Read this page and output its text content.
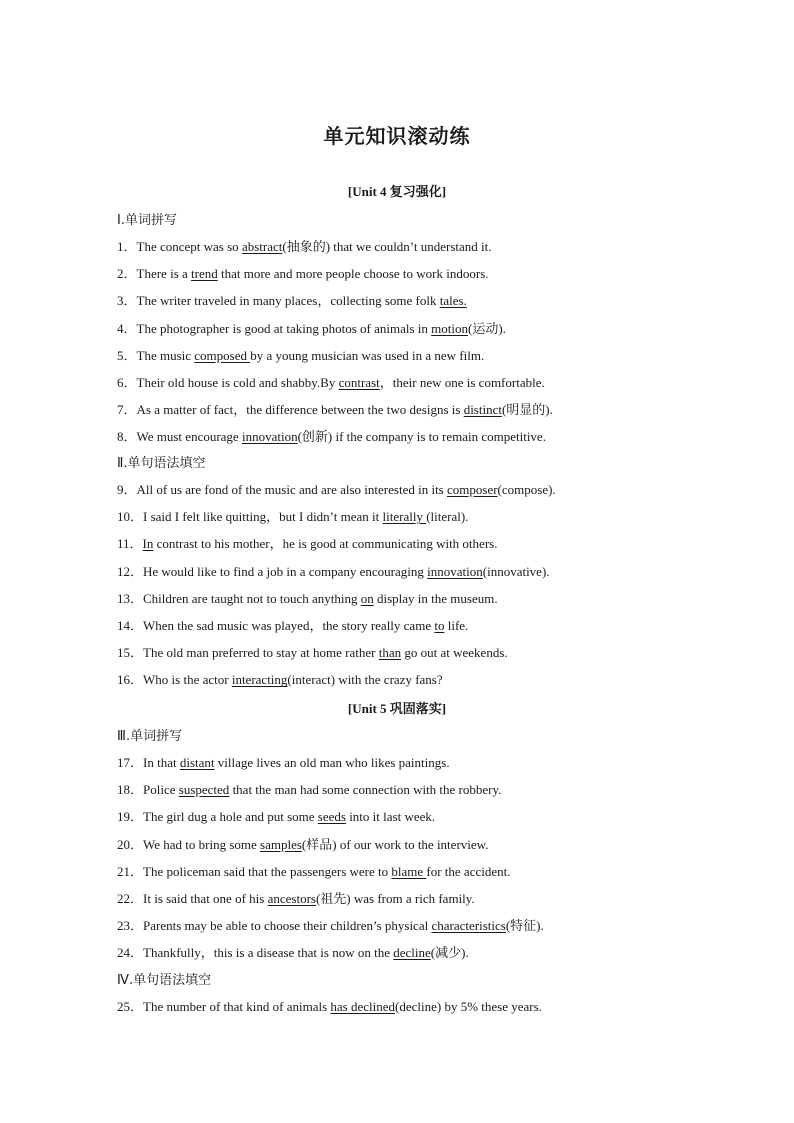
单元知识滚动练
[Unit 4 复习强化]
Ⅰ.单词拼写
1．The concept was so abstract(抽象的) that we couldn’t understand it.
2．There is a trend that more and more people choose to work indoors.
3．The writer traveled in many places，collecting some folk tales.
4．The photographer is good at taking photos of animals in motion(运动).
5．The music composed by a young musician was used in a new film.
6．Their old house is cold and shabby.By contrast，their new one is comfortable.
7．As a matter of fact，the difference between the two designs is distinct(明显的).
8．We must encourage innovation(创新) if the company is to remain competitive.
Ⅱ.单句语法填空
9．All of us are fond of the music and are also interested in its composer(compose).
10．I said I felt like quitting，but I didn’t mean it literally (literal).
11．In contrast to his mother，he is good at communicating with others.
12．He would like to find a job in a company encouraging innovation(innovative).
13．Children are taught not to touch anything on display in the museum.
14．When the sad music was played，the story really came to life.
15．The old man preferred to stay at home rather than go out at weekends.
16．Who is the actor interacting(interact) with the crazy fans?
[Unit 5 巩固落实]
Ⅲ.单词拼写
17．In that distant village lives an old man who likes paintings.
18．Police suspected that the man had some connection with the robbery.
19．The girl dug a hole and put some seeds into it last week.
20．We had to bring some samples(样品) of our work to the interview.
21．The policeman said that the passengers were to blame for the accident.
22．It is said that one of his ancestors(祖先) was from a rich family.
23．Parents may be able to choose their children’s physical characteristics(特征).
24．Thankfully，this is a disease that is now on the decline(减少).
Ⅳ.单句语法填空
25．The number of that kind of animals has declined(decline) by 5% these years.
